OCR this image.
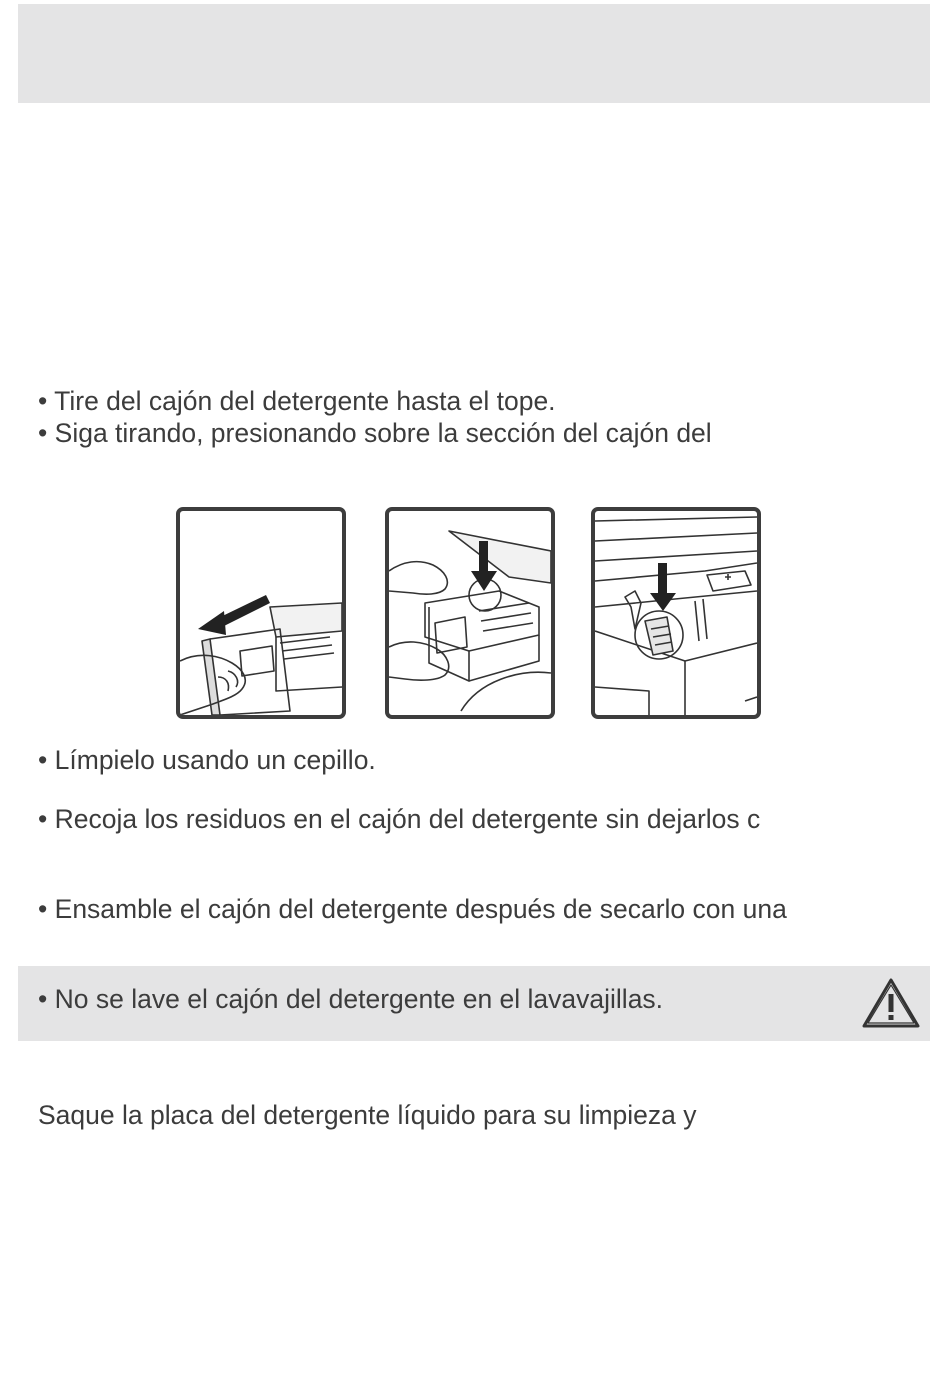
• Tire del cajón del detergente hasta el tope.
• Siga tirando, presionando sobre la sección del cajón del
• Límpielo usando un cepillo.
• Recoja los residuos en el cajón del detergente sin dejarlos c
• Ensamble el cajón del detergente después de secarlo con una
• No se lave el cajón del detergente en el lavavajillas.
Saque la placa del detergente líquido para su limpieza y
